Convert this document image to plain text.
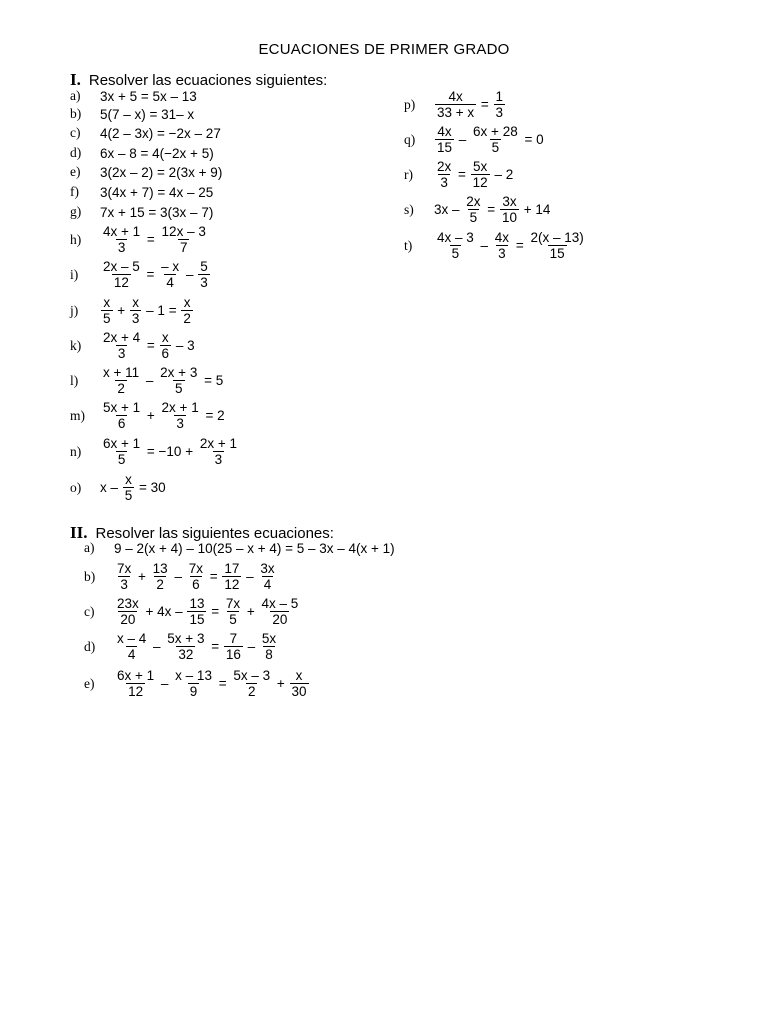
ECUACIONES DE PRIMER GRADO
I. Resolver las ecuaciones siguientes:
a)	3x + 5 = 5x – 13
b)	5(7 – x) = 31– x
c)	4(2 – 3x) = −2x – 27
d)	6x – 8 = 4(−2x + 5)
e)	3(2x – 2) = 2(3x + 9)
f)	3(4x + 7) = 4x – 25
g)	7x + 15 = 3(3x – 7)
h)	$\frac{4x + 1}{3} = \frac{12x - 3}{7}$
i)	$\frac{2x - 5}{12} = \frac{- x}{4} - \frac{5}{3}$
j)	$\frac{x}{5} + \frac{x}{3} - 1 = \frac{x}{2}$
k)	$\frac{2x + 4}{3} = \frac{x}{6} - 3$
l)	$\frac{x + 11}{2} - \frac{2x + 3}{5} = 5$
m)	$\frac{5x + 1}{6} + \frac{2x + 1}{3} = 2$
n)	$\frac{6x + 1}{5} = -10 + \frac{2x + 1}{3}$
o)	$x - \frac{x}{5} = 30$
p)	$\frac{4x}{33 + x} = \frac{1}{3}$
q)	$\frac{4x}{15} - \frac{6x + 28}{5} = 0$
r)	$\frac{2x}{3} = \frac{5x}{12} - 2$
s)	$3x - \frac{2x}{5} = \frac{3x}{10} + 14$
t)	$\frac{4x - 3}{5} - \frac{4x}{3} = \frac{2(x - 13)}{15}$
II. Resolver las siguientes ecuaciones:
a)	9 – 2(x + 4) – 10(25 – x + 4) = 5 – 3x – 4(x + 1)
b)	$\frac{7x}{3} + \frac{13}{2} - \frac{7x}{6} = \frac{17}{12} - \frac{3x}{4}$
c)	$\frac{23x}{20} + 4x - \frac{13}{15} = \frac{7x}{5} + \frac{4x - 5}{20}$
d)	$\frac{x - 4}{4} - \frac{5x + 3}{32} = \frac{7}{16} - \frac{5x}{8}$
e)	$\frac{6x + 1}{12} - \frac{x - 13}{9} = \frac{5x - 3}{2} + \frac{x}{30}$
